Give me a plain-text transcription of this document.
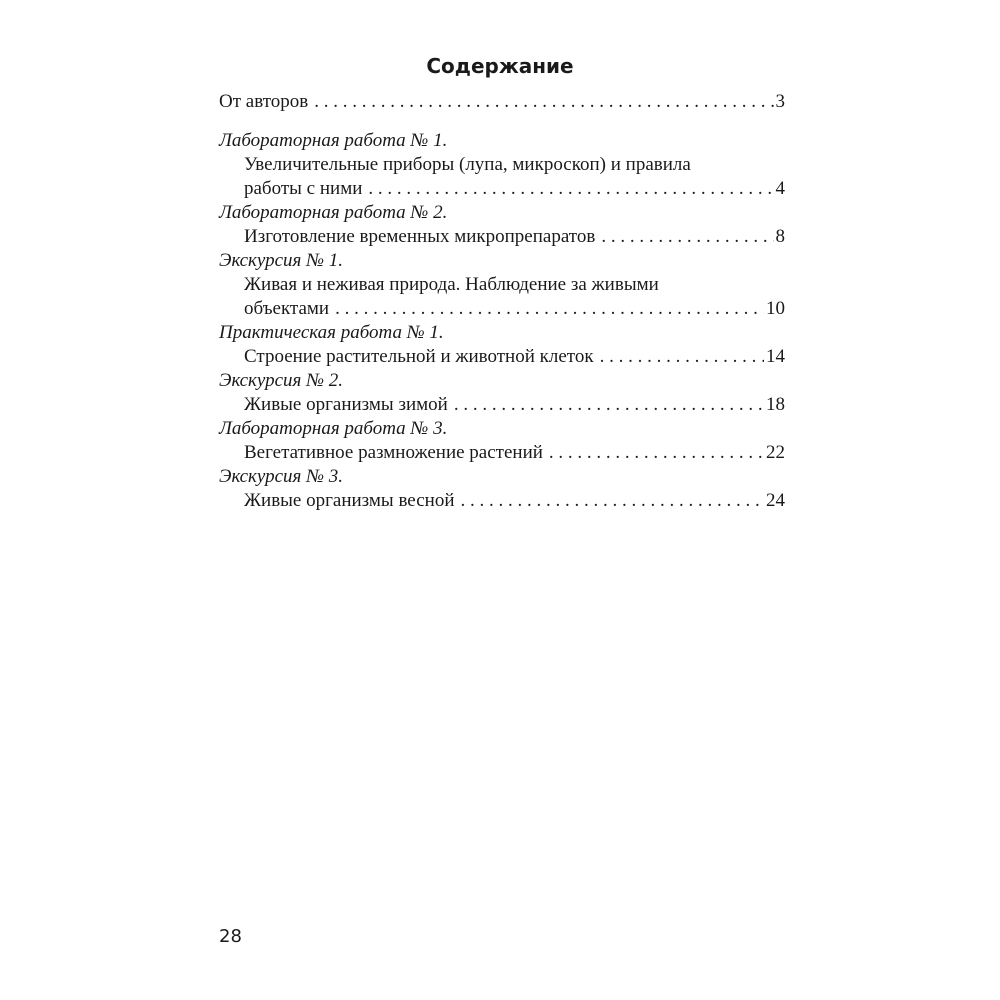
Содержание
От авторов . . .	3
Лабораторная работа № 1.
Увеличительные приборы (лупа, микроскоп) и правила
работы с ними . . .	4
Лабораторная работа № 2.
Изготовление временных микропрепаратов . . .	8
Экскурсия № 1.
Живая и неживая природа. Наблюдение за живыми
объектами . . .	10
Практическая работа № 1.
Строение растительной и животной клеток . . .	14
Экскурсия № 2.
Живые организмы зимой . . .	18
Лабораторная работа № 3.
Вегетативное размножение растений . . .	22
Экскурсия № 3.
Живые организмы весной . . .	24
28
